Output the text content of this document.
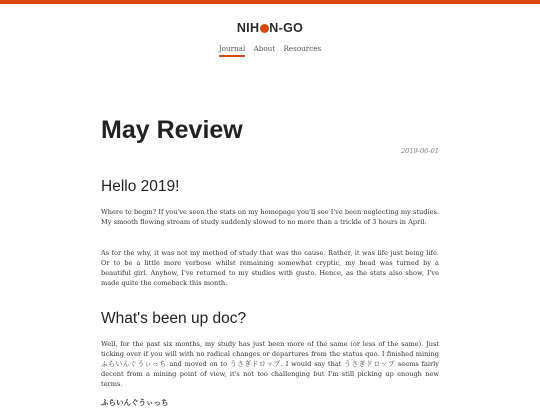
NIH N-GO
Journal About Resources
May Review
2019-06-01
Hello 2019!

Where to begin? If you've seen the stats on my homepage you'll see I've been neglecting my studies. My smooth flowing stream of study suddenly slowed to no more than a trickle of 3 hours in April.

As for the why, it was not my method of study that was the cause. Rather, it was life just being life. Or to be a little more verbose whilst remaining somewhat cryptic, my head was turned by a beautiful girl. Anyhow, I've returned to my studies with gusto. Hence, as the stats also show, I've made quite the comeback this month.

What's been up doc?

Well, for the past six months, my study has just been more of the same (or less of the same). Just ticking over if you will with no radical changes or departures from the status quo. I finished mining ふらいんぐうぃっち and moved on to うさぎドロップ. I would say that うさぎドロップ seems fairly decent from a mining point of view, it's not too challenging but I'm still picking up enough new terms.

ふらいんぐうぃっち
